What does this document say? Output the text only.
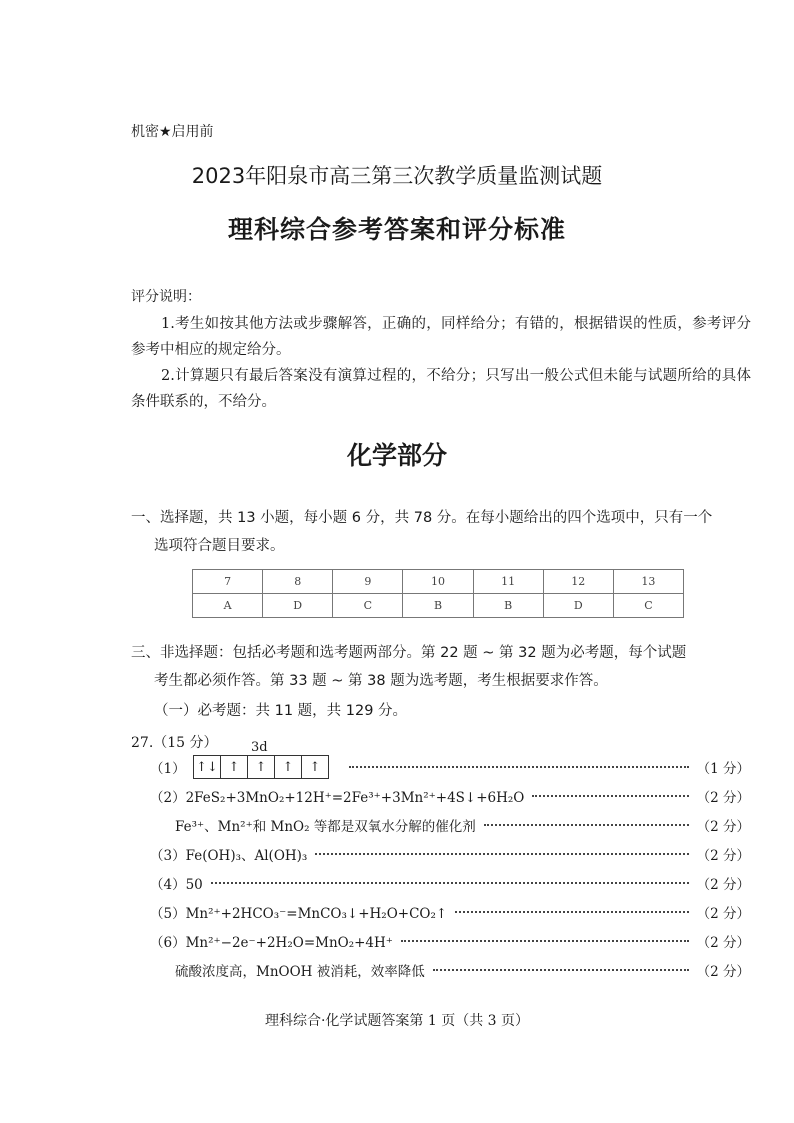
机密★启用前
2023年阳泉市高三第三次教学质量监测试题
理科综合参考答案和评分标准
评分说明：
1.考生如按其他方法或步骤解答，正确的，同样给分；有错的，根据错误的性质，参考评分参考中相应的规定给分。
2.计算题只有最后答案没有演算过程的，不给分；只写出一般公式但未能与试题所给的具体条件联系的，不给分。
化学部分
一、选择题，共 13 小题，每小题 6 分，共 78 分。在每小题给出的四个选项中，只有一个
选项符合题目要求。
7	8	9	10	11	12	13
A	D	C	B	B	D	C
三、非选择题：包括必考题和选考题两部分。第 22 题 ~ 第 32 题为必考题，每个试题
考生都必须作答。第 33 题 ~ 第 38 题为选考题，考生根据要求作答。
（一）必考题：共 11 题，共 129 分。
27.（15 分）	3d
↑↓ ↑	↑	↑	↑
（1）	（1 分）
（2）2FeS₂+3MnO₂+12H⁺=2Fe³⁺+3Mn²⁺+4S↓+6H₂O	（2 分）
Fe³⁺、Mn²⁺和 MnO₂ 等都是双氧水分解的催化剂	（2 分）
（3）Fe(OH)₃、Al(OH)₃	（2 分）
（4）50	（2 分）
（5）Mn²⁺+2HCO₃⁻=MnCO₃↓+H₂O+CO₂↑	（2 分）
（6）Mn²⁺−2e⁻+2H₂O=MnO₂+4H⁺	（2 分）
硫酸浓度高，MnOOH 被消耗，效率降低	（2 分）
理科综合·化学试题答案第 1 页（共 3 页）
